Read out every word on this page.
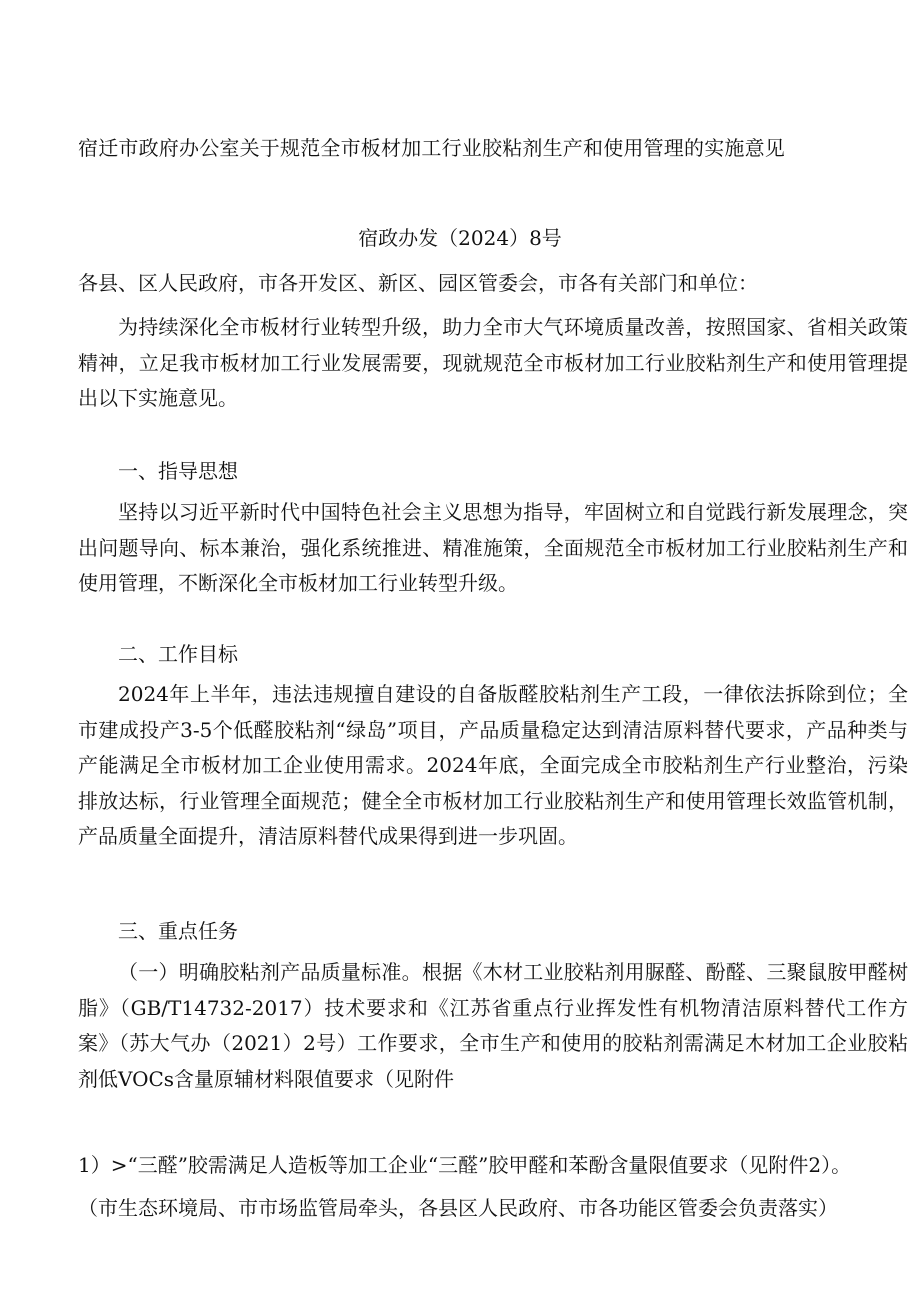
宿迁市政府办公室关于规范全市板材加工行业胶粘剂生产和使用管理的实施意见
宿政办发（2024）8号
各县、区人民政府，市各开发区、新区、园区管委会，市各有关部门和单位：

为持续深化全市板材行业转型升级，助力全市大气环境质量改善，按照国家、省相关政策精神，立足我市板材加工行业发展需要，现就规范全市板材加工行业胶粘剂生产和使用管理提出以下实施意见。

一、指导思想

坚持以习近平新时代中国特色社会主义思想为指导，牢固树立和自觉践行新发展理念，突出问题导向、标本兼治，强化系统推进、精准施策，全面规范全市板材加工行业胶粘剂生产和使用管理，不断深化全市板材加工行业转型升级。

二、工作目标

2024年上半年，违法违规擅自建设的自备版醛胶粘剂生产工段，一律依法拆除到位；全市建成投产3-5个低醛胶粘剂“绿岛”项目，产品质量稳定达到清洁原料替代要求，产品种类与产能满足全市板材加工企业使用需求。2024年底，全面完成全市胶粘剂生产行业整治，污染排放达标，行业管理全面规范；健全全市板材加工行业胶粘剂生产和使用管理长效监管机制，产品质量全面提升，清洁原料替代成果得到进一步巩固。

三、重点任务

（一）明确胶粘剂产品质量标准。根据《木材工业胶粘剂用脲醛、酚醛、三聚鼠胺甲醛树脂》（GB/T14732-2017）技术要求和《江苏省重点行业挥发性有机物清洁原料替代工作方案》（苏大气办（2021）2号）工作要求，全市生产和使用的胶粘剂需满足木材加工企业胶粘剂低VOCs含量原辅材料限值要求（见附件

1）>“三醛”胶需满足人造板等加工企业“三醛”胶甲醛和苯酚含量限值要求（见附件2）。
（市生态环境局、市市场监管局牵头，各县区人民政府、市各功能区管委会负责落实）
